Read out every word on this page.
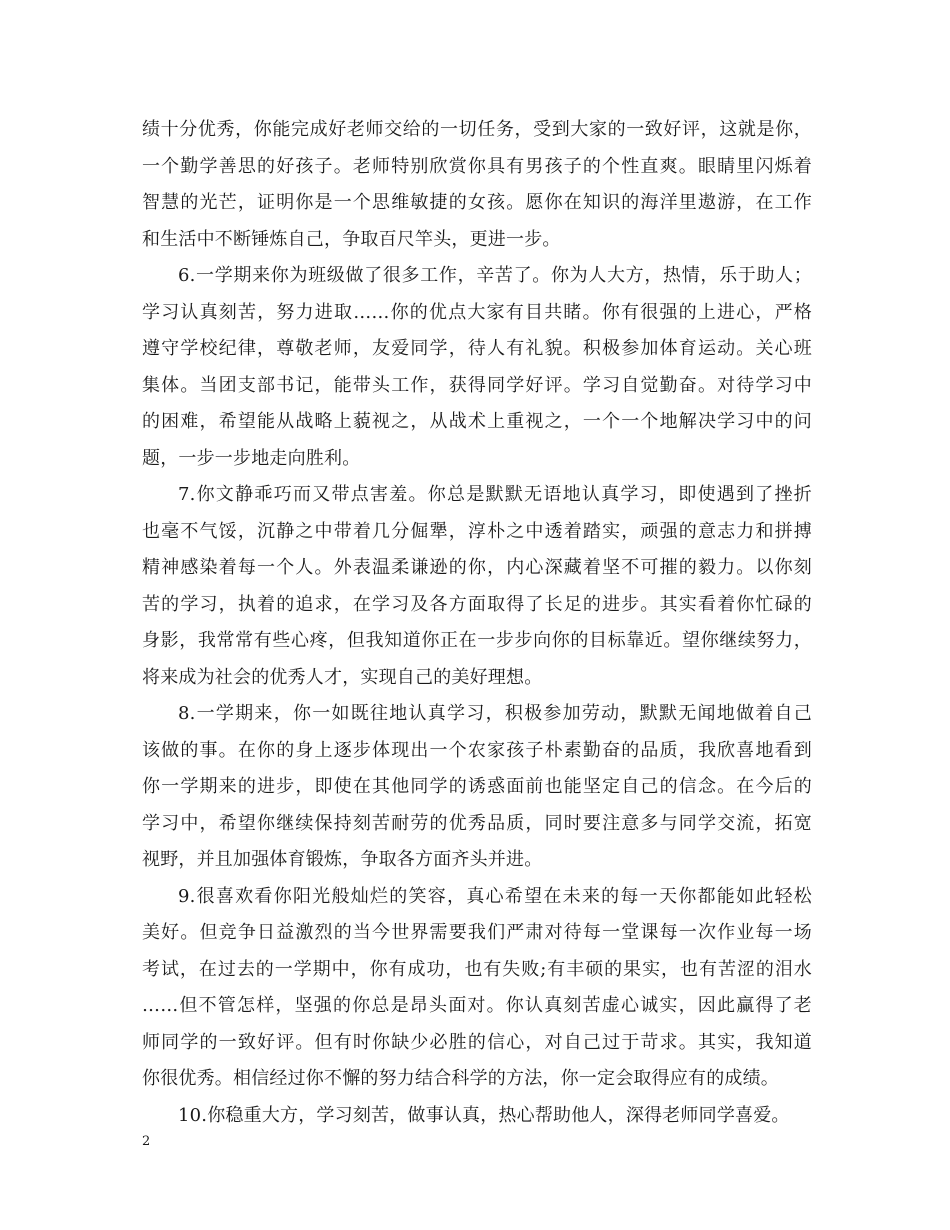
绩十分优秀，你能完成好老师交给的一切任务，受到大家的一致好评，这就是你，
一个勤学善思的好孩子。老师特别欣赏你具有男孩子的个性直爽。眼睛里闪烁着
智慧的光芒，证明你是一个思维敏捷的女孩。愿你在知识的海洋里遨游，在工作
和生活中不断锤炼自己，争取百尺竿头，更进一步。
6.一学期来你为班级做了很多工作，辛苦了。你为人大方，热情，乐于助人；
学习认真刻苦，努力进取……你的优点大家有目共睹。你有很强的上进心，严格
遵守学校纪律，尊敬老师，友爱同学，待人有礼貌。积极参加体育运动。关心班
集体。当团支部书记，能带头工作，获得同学好评。学习自觉勤奋。对待学习中
的困难，希望能从战略上藐视之，从战术上重视之，一个一个地解决学习中的问
题，一步一步地走向胜利。
7.你文静乖巧而又带点害羞。你总是默默无语地认真学习，即使遇到了挫折
也毫不气馁，沉静之中带着几分倔犟，淳朴之中透着踏实，顽强的意志力和拼搏
精神感染着每一个人。外表温柔谦逊的你，内心深藏着坚不可摧的毅力。以你刻
苦的学习，执着的追求，在学习及各方面取得了长足的进步。其实看着你忙碌的
身影，我常常有些心疼，但我知道你正在一步步向你的目标靠近。望你继续努力，
将来成为社会的优秀人才，实现自己的美好理想。
8.一学期来，你一如既往地认真学习，积极参加劳动，默默无闻地做着自己
该做的事。在你的身上逐步体现出一个农家孩子朴素勤奋的品质，我欣喜地看到
你一学期来的进步，即使在其他同学的诱惑面前也能坚定自己的信念。在今后的
学习中，希望你继续保持刻苦耐劳的优秀品质，同时要注意多与同学交流，拓宽
视野，并且加强体育锻炼，争取各方面齐头并进。
9.很喜欢看你阳光般灿烂的笑容，真心希望在未来的每一天你都能如此轻松
美好。但竞争日益激烈的当今世界需要我们严肃对待每一堂课每一次作业每一场
考试，在过去的一学期中，你有成功，也有失败;有丰硕的果实，也有苦涩的泪水
……但不管怎样，坚强的你总是昂头面对。你认真刻苦虚心诚实，因此赢得了老
师同学的一致好评。但有时你缺少必胜的信心，对自己过于苛求。其实，我知道
你很优秀。相信经过你不懈的努力结合科学的方法，你一定会取得应有的成绩。
10.你稳重大方，学习刻苦，做事认真，热心帮助他人，深得老师同学喜爱。
2
